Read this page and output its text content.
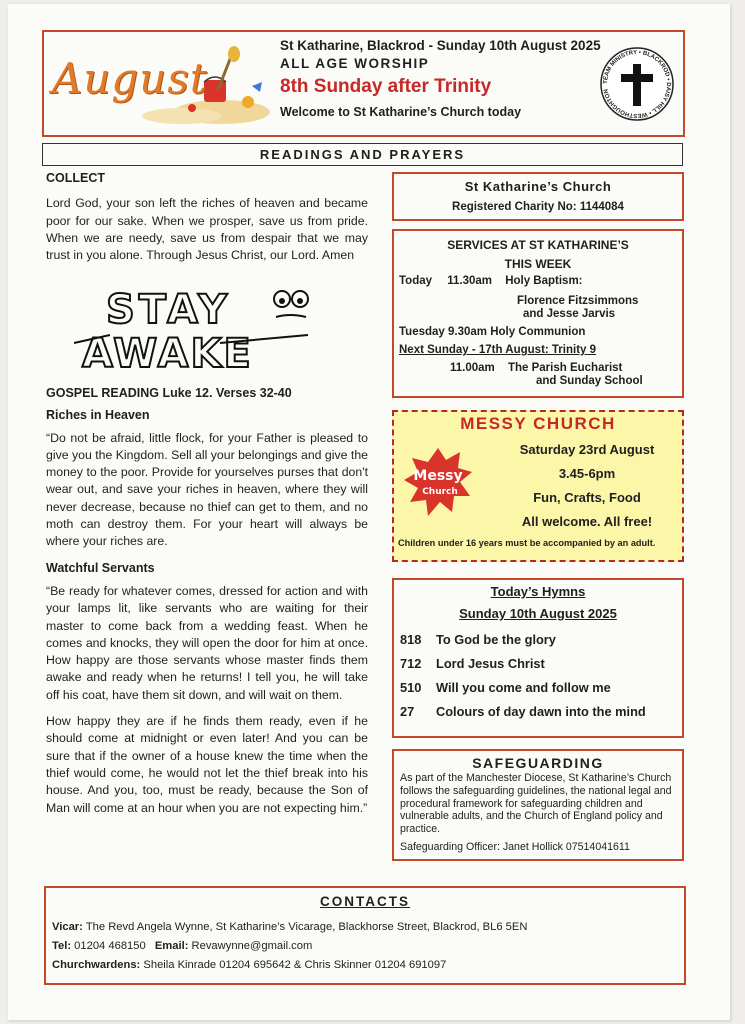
August
St Katharine, Blackrod - Sunday 10th August 2025
ALL AGE WORSHIP
8th Sunday after Trinity
Welcome to St Katharine’s Church today
TEAM MINISTRY • BLACKROD • DAISY HILL • WESTHOUGHTON
READINGS AND PRAYERS
COLLECT

Lord God, your son left the riches of heaven and became poor for our sake. When we prosper, save us from pride. When we are needy, save us from despair that we may trust in you alone. Through Jesus Christ, our Lord. Amen

STAY
AWAKE
GOSPEL READING Luke 12. Verses 32-40
Riches in Heaven

“Do not be afraid, little flock, for your Father is pleased to give you the Kingdom. Sell all your belongings and give the money to the poor. Provide for yourselves purses that don't wear out, and save your riches in heaven, where they will never decrease, because no thief can get to them, and no moth can destroy them. For your heart will always be where your riches are.

Watchful Servants

“Be ready for whatever comes, dressed for action and with your lamps lit, like servants who are waiting for their master to come back from a wedding feast. When he comes and knocks, they will open the door for him at once. How happy are those servants whose master finds them awake and ready when he returns! I tell you, he will take off his coat, have them sit down, and will wait on them.

How happy they are if he finds them ready, even if he should come at midnight or even later! And you can be sure that if the owner of a house knew the time when the thief would come, he would not let the thief break into his house. And you, too, must be ready, because the Son of Man will come at an hour when you are not expecting him.”

St Katharine’s Church
Registered Charity No: 1144084
SERVICES AT ST KATHARINE’S
THIS WEEK
Today 11.30am Holy Baptism:
Florence Fitzsimmons
and Jesse Jarvis
Tuesday 9.30am Holy Communion
Next Sunday - 17th August: Trinity 9
11.00am The Parish Eucharist
and Sunday School
MESSY CHURCH
Messy
Church
Saturday 23rd August
3.45-6pm
Fun, Crafts, Food
All welcome. All free!
Children under 16 years must be accompanied by an adult.
Today’s Hymns
Sunday 10th August 2025
818 To God be the glory
712 Lord Jesus Christ
510 Will you come and follow me
27 Colours of day dawn into the mind
SAFEGUARDING
As part of the Manchester Diocese, St Katharine’s Church follows the safeguarding guidelines, the national legal and procedural framework for safeguarding children and vulnerable adults, and the Church of England policy and practice.
Safeguarding Officer: Janet Hollick 07514041611
CONTACTS
Vicar: The Revd Angela Wynne, St Katharine’s Vicarage, Blackhorse Street, Blackrod, BL6 5EN
Tel: 01204 468150 Email: Revawynne@gmail.com
Churchwardens: Sheila Kinrade 01204 695642 & Chris Skinner 01204 691097
